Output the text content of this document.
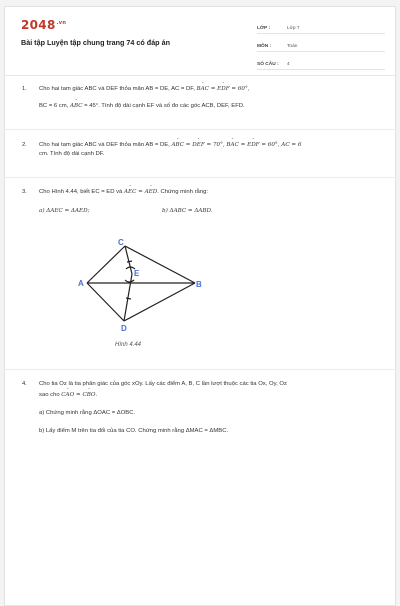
$2048^{.vn}$
Bài tập Luyện tập chung trang 74 có đáp án
LỚP :	Lớp 7
MÔN :	Toán
SỐ CÂU :	4
1. Cho hai tam giác ABC và DEF thỏa mãn AB = DE, AC = DF, ˆ BAC = ˆ EDF = 60°,

BC = 6 cm, ˆ ABC = 45°. Tính độ dài cạnh EF và số đo các góc ACB, DEF, EFD.

2. Cho hai tam giác ABC và DEF thỏa mãn AB = DE, ˆ ABC = ˆ DEF = 70°, ˆ BAC = ˆ EDF = 60°, AC = 6

cm. Tính độ dài cạnh DF.

3. Cho Hình 4.44, biết EC = ED và ˆ AEC = ˆ AED. Chứng minh rằng:

a) ΔAEC = ΔAED;	b) ΔABC = ΔABD.
C
A
E
B
D
Hình 4.44
4. Cho tia Oz là tia phân giác của góc xOy. Lấy các điểm A, B, C lần lượt thuộc các tia Ox, Oy, Oz

sao cho ˆ CAO = ˆ CBO.

a) Chứng minh rằng ΔOAC = ΔOBC.

b) Lấy điểm M trên tia đối của tia CO. Chứng minh rằng ΔMAC = ΔMBC.
